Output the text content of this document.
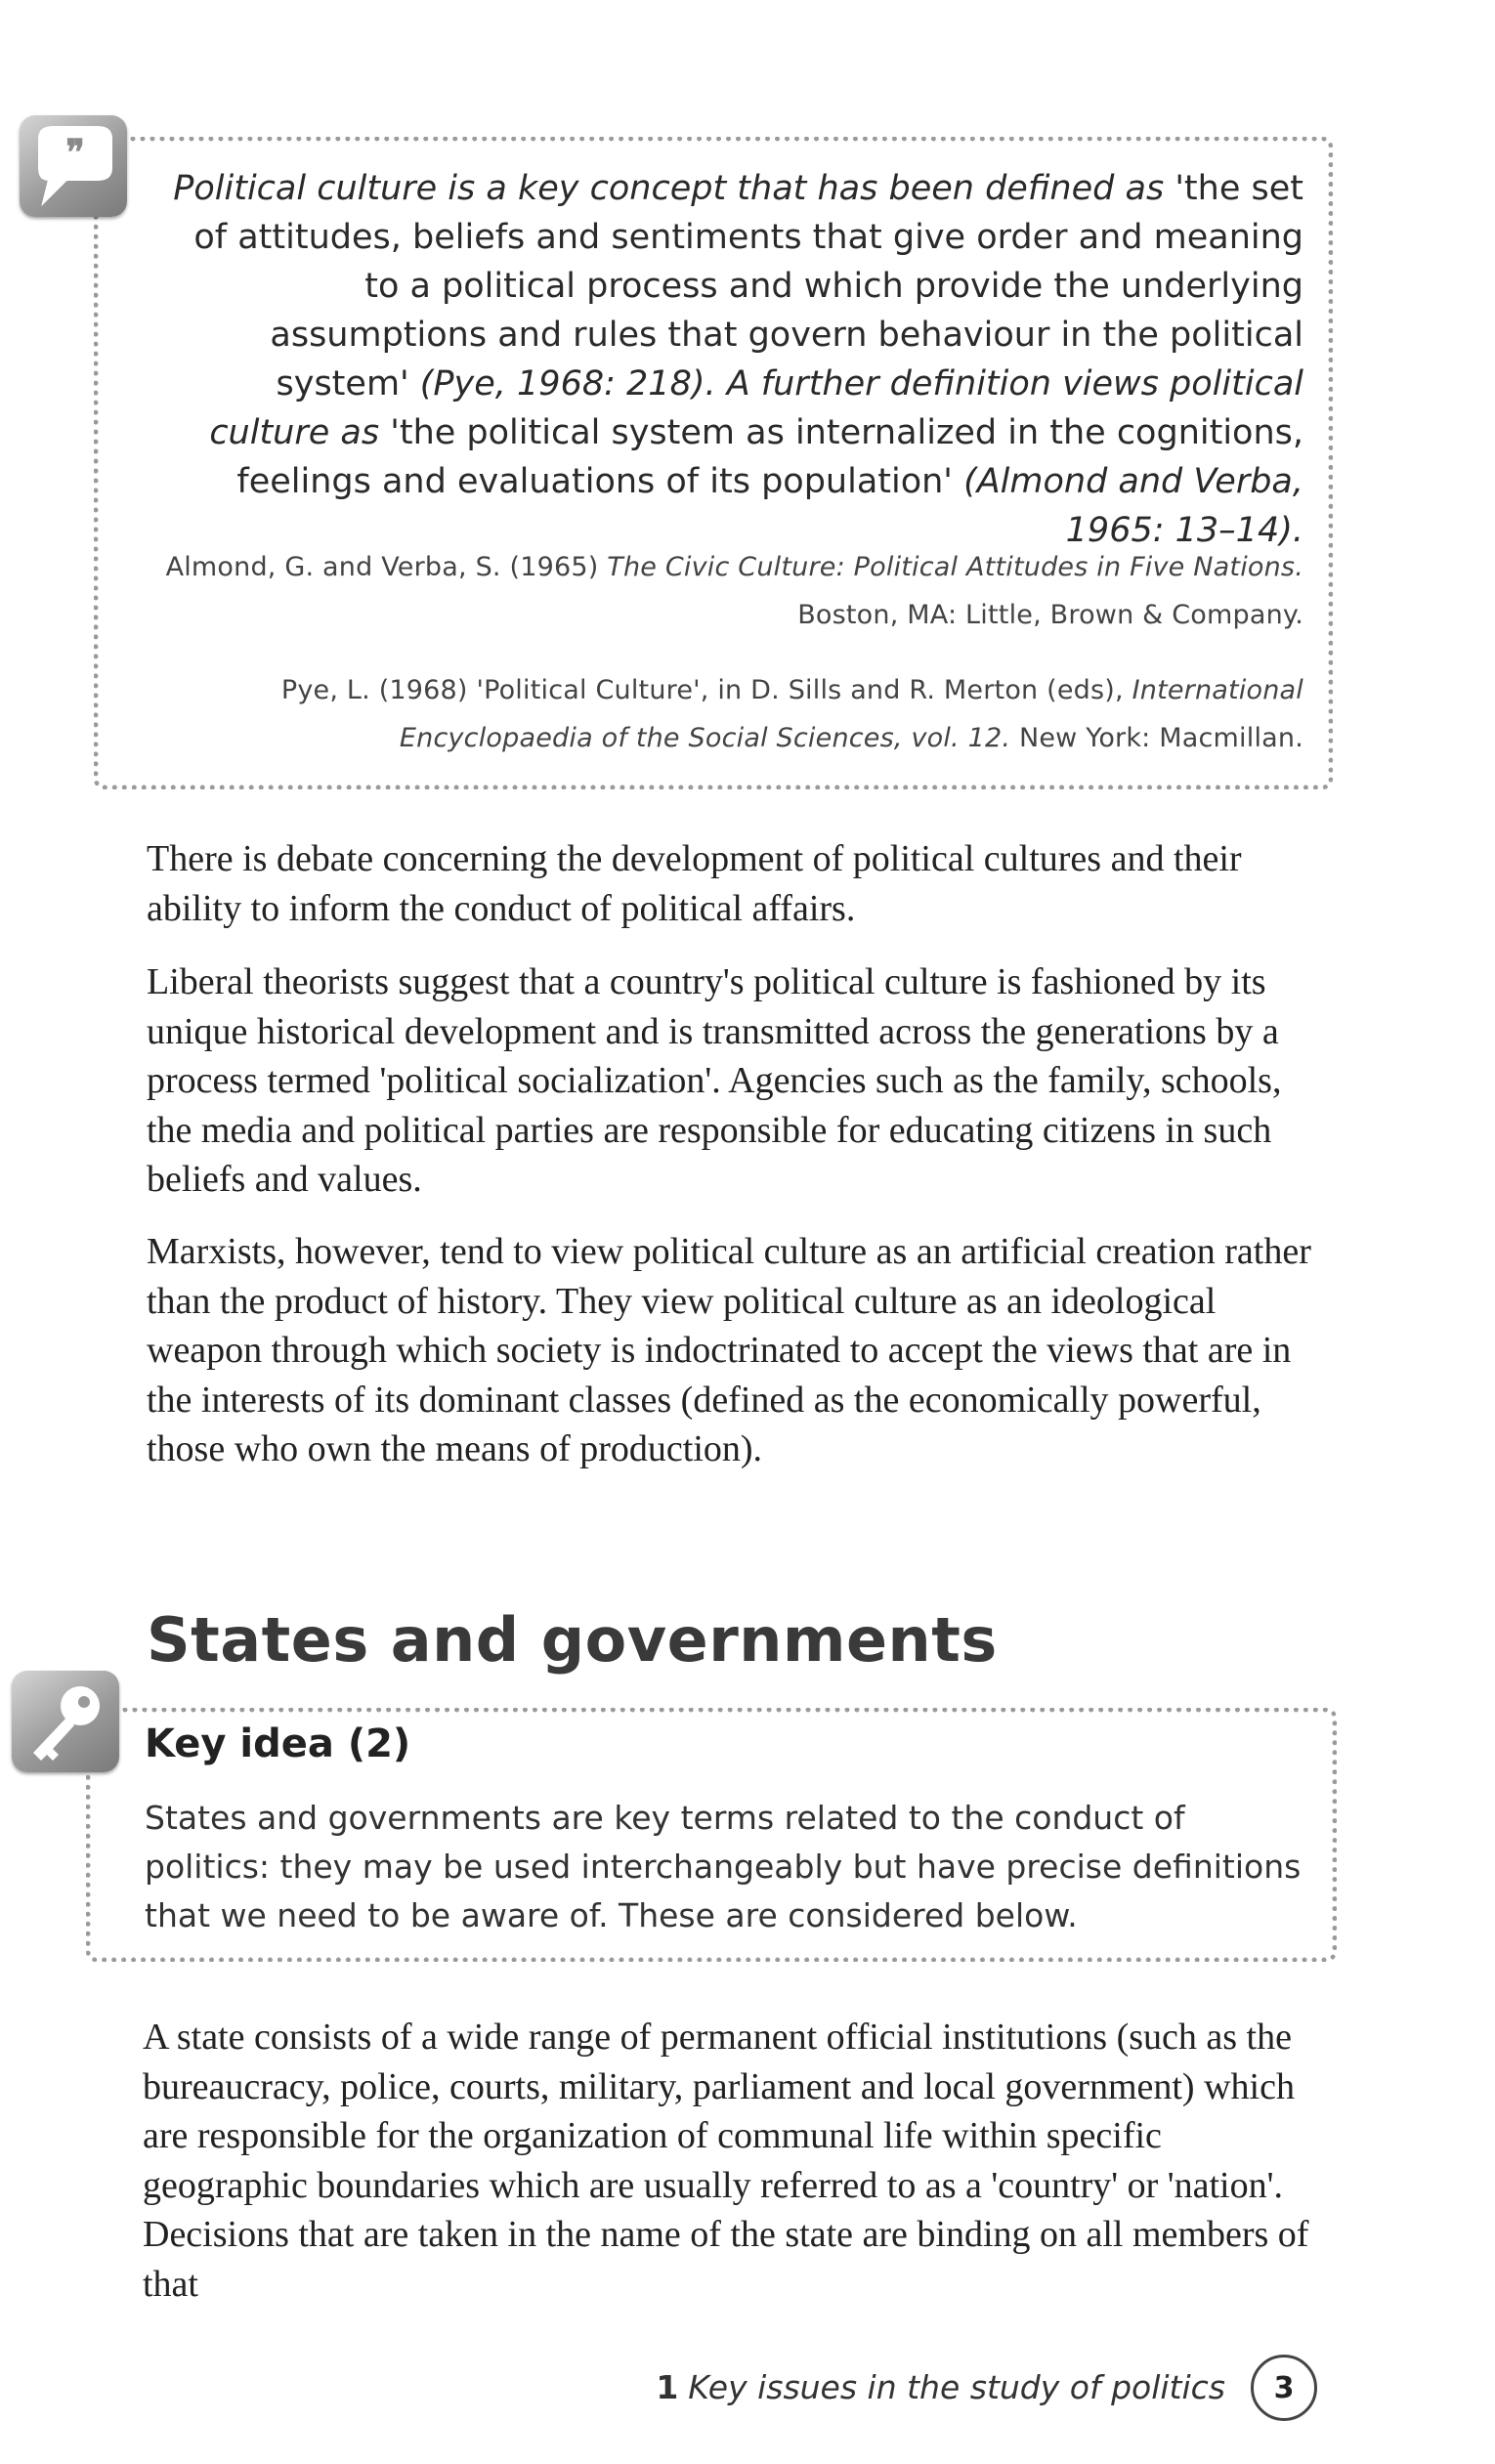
❞

Political culture is a key concept that has been defined as 'the set of attitudes, beliefs and sentiments that give order and meaning to a political process and which provide the underlying assumptions and rules that govern behaviour in the political system' (Pye, 1968: 218). A further definition views political culture as 'the political system as internalized in the cognitions, feelings and evaluations of its population' (Almond and Verba, 1965: 13–14).

Almond, G. and Verba, S. (1965) The Civic Culture: Political Attitudes in Five Nations. Boston, MA: Little, Brown & Company.

Pye, L. (1968) 'Political Culture', in D. Sills and R. Merton (eds), International Encyclopaedia of the Social Sciences, vol. 12. New York: Macmillan.

There is debate concerning the development of political cultures and their ability to inform the conduct of political affairs.

Liberal theorists suggest that a country's political culture is fashioned by its unique historical development and is transmitted across the generations by a process termed 'political socialization'. Agencies such as the family, schools, the media and political parties are responsible for educating citizens in such beliefs and values.

Marxists, however, tend to view political culture as an artificial creation rather than the product of history. They view political culture as an ideological weapon through which society is indoctrinated to accept the views that are in the interests of its dominant classes (defined as the economically powerful, those who own the means of production).

States and governments
Key idea (2)

States and governments are key terms related to the conduct of politics: they may be used interchangeably but have precise definitions that we need to be aware of. These are considered below.

A state consists of a wide range of permanent official institutions (such as the bureaucracy, police, courts, military, parliament and local government) which are responsible for the organization of communal life within specific geographic boundaries which are usually referred to as a 'country' or 'nation'. Decisions that are taken in the name of the state are binding on all members of that

1 Key issues in the study of politics	3
